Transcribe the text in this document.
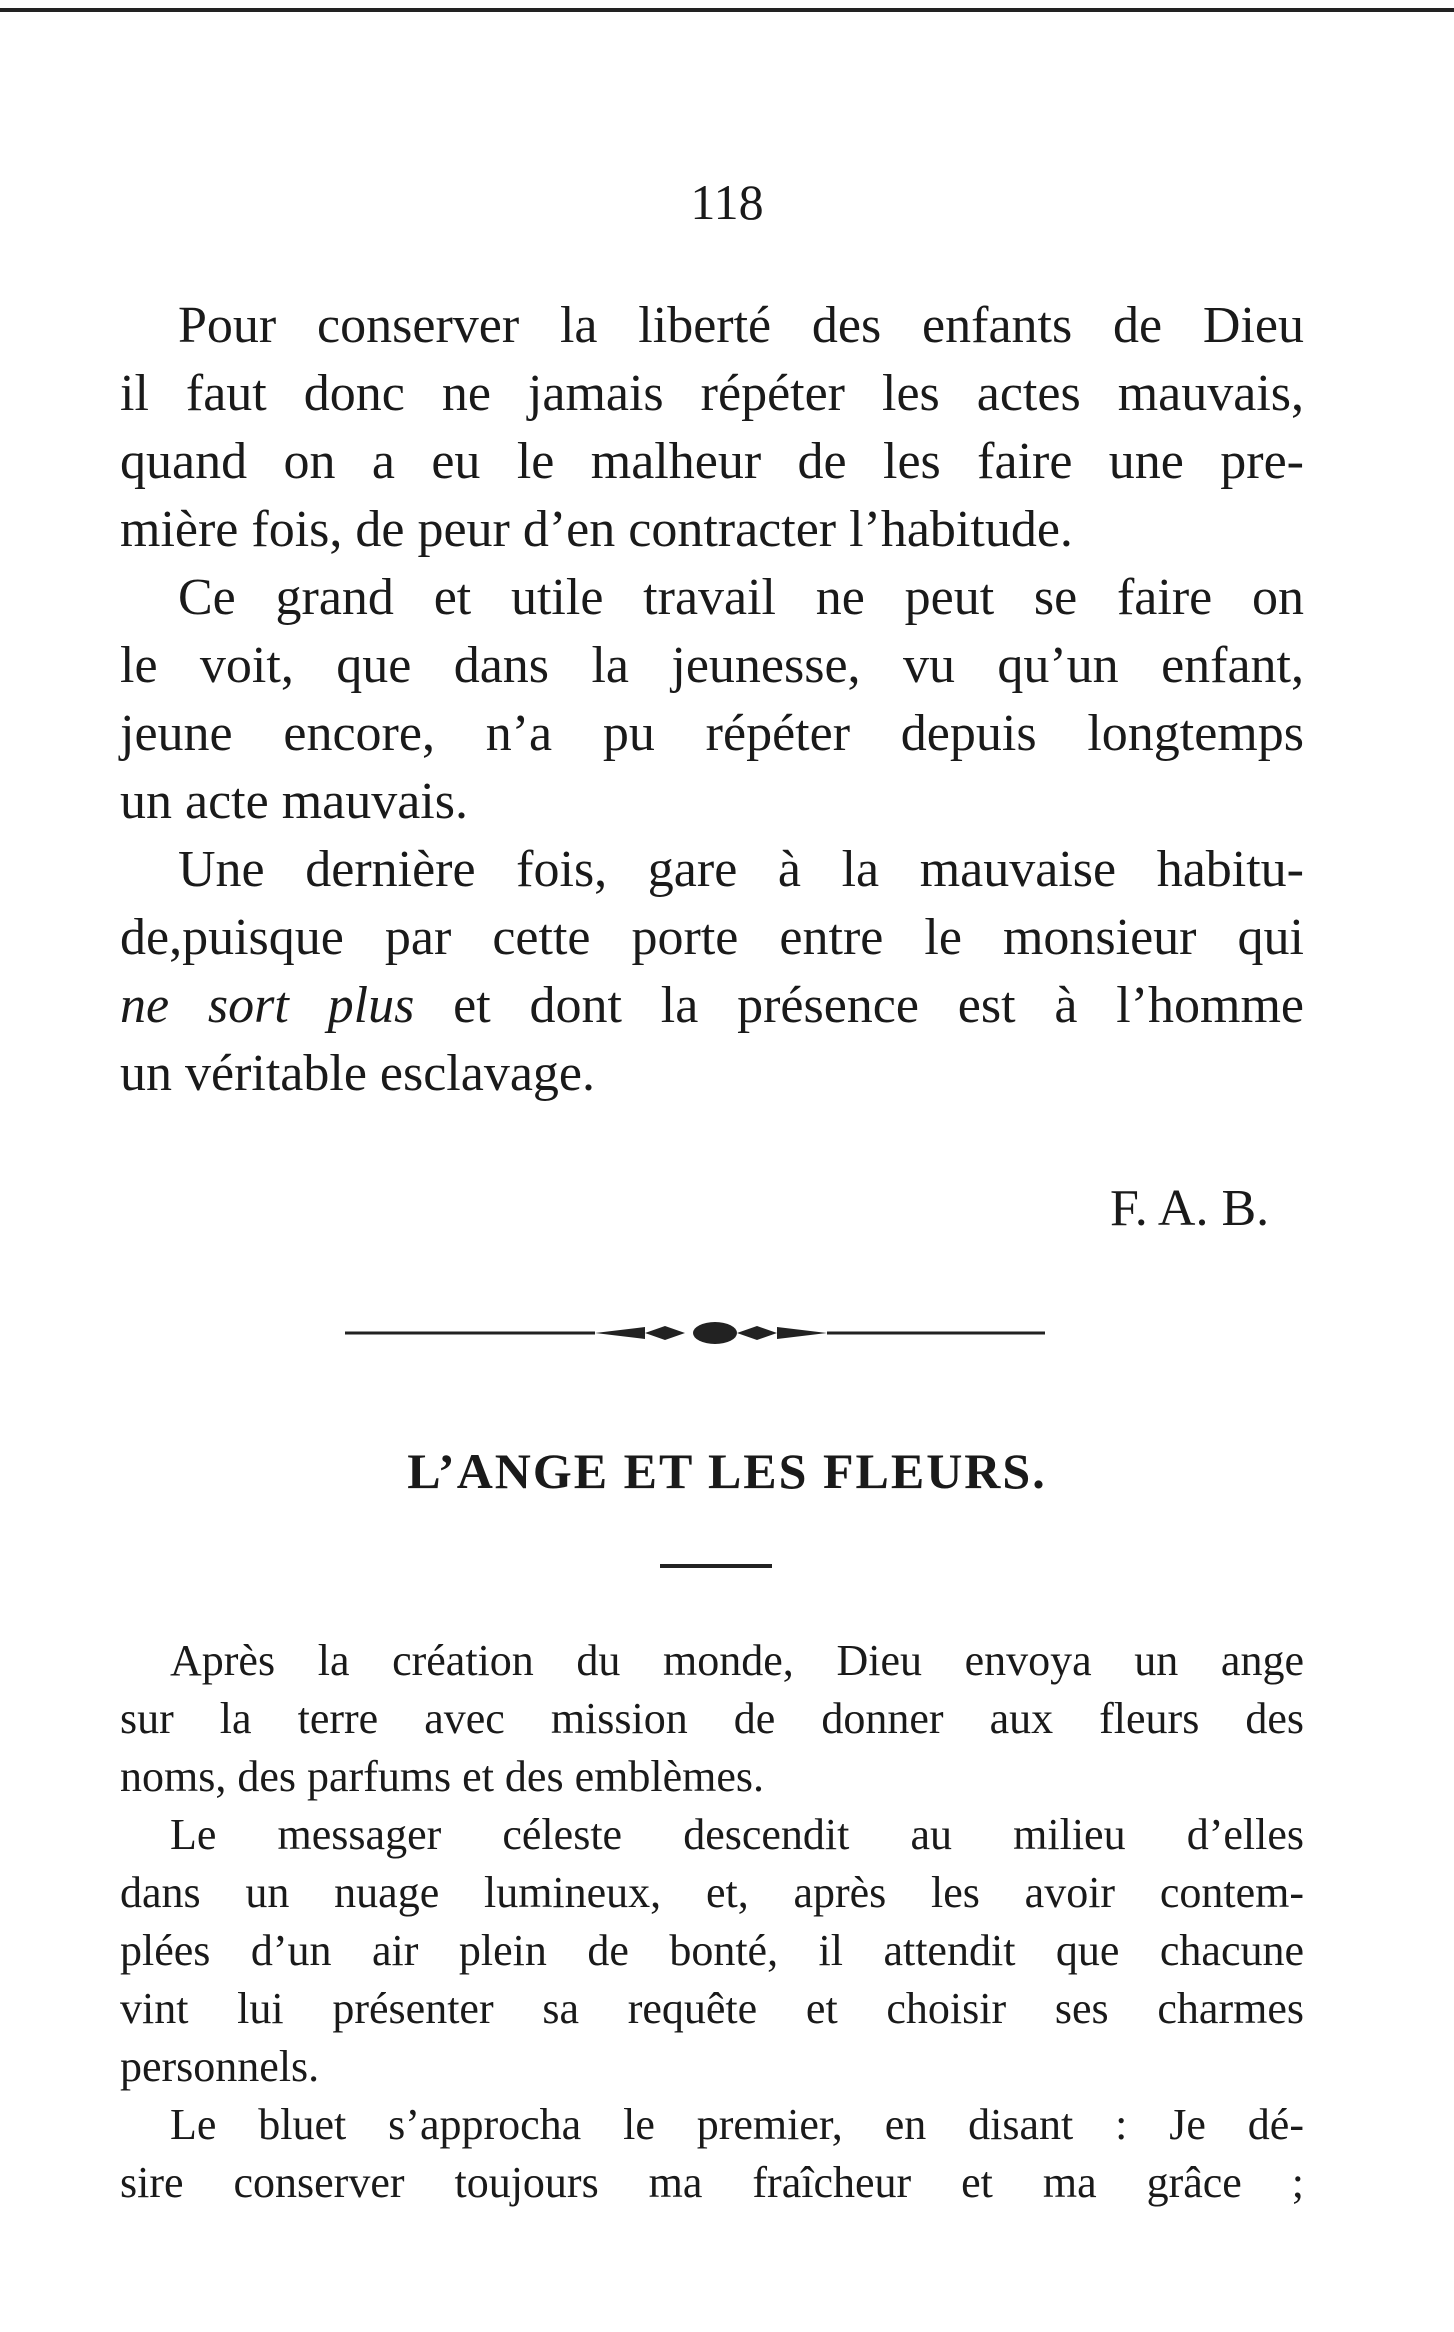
118
Pour conserver la liberté des enfants de Dieu
il faut donc ne jamais répéter les actes mauvais,
quand on a eu le malheur de les faire une pre-
mière fois, de peur d’en contracter l’habitude.
Ce grand et utile travail ne peut se faire on
le voit, que dans la jeunesse, vu qu’un enfant,
jeune encore, n’a pu répéter depuis longtemps
un acte mauvais.
Une dernière fois, gare à la mauvaise habitu-
de,puisque par cette porte entre le monsieur qui
ne sort plus et dont la présence est à l’homme
un véritable esclavage.
F. A. B.
L’ANGE ET LES FLEURS.
Après la création du monde, Dieu envoya un ange
sur la terre avec mission de donner aux fleurs des
noms, des parfums et des emblèmes.
Le messager céleste descendit au milieu d’elles
dans un nuage lumineux, et, après les avoir contem-
plées d’un air plein de bonté, il attendit que chacune
vint lui présenter sa requête et choisir ses charmes
personnels.
Le bluet s’approcha le premier, en disant : Je dé-
sire conserver toujours ma fraîcheur et ma grâce ;
